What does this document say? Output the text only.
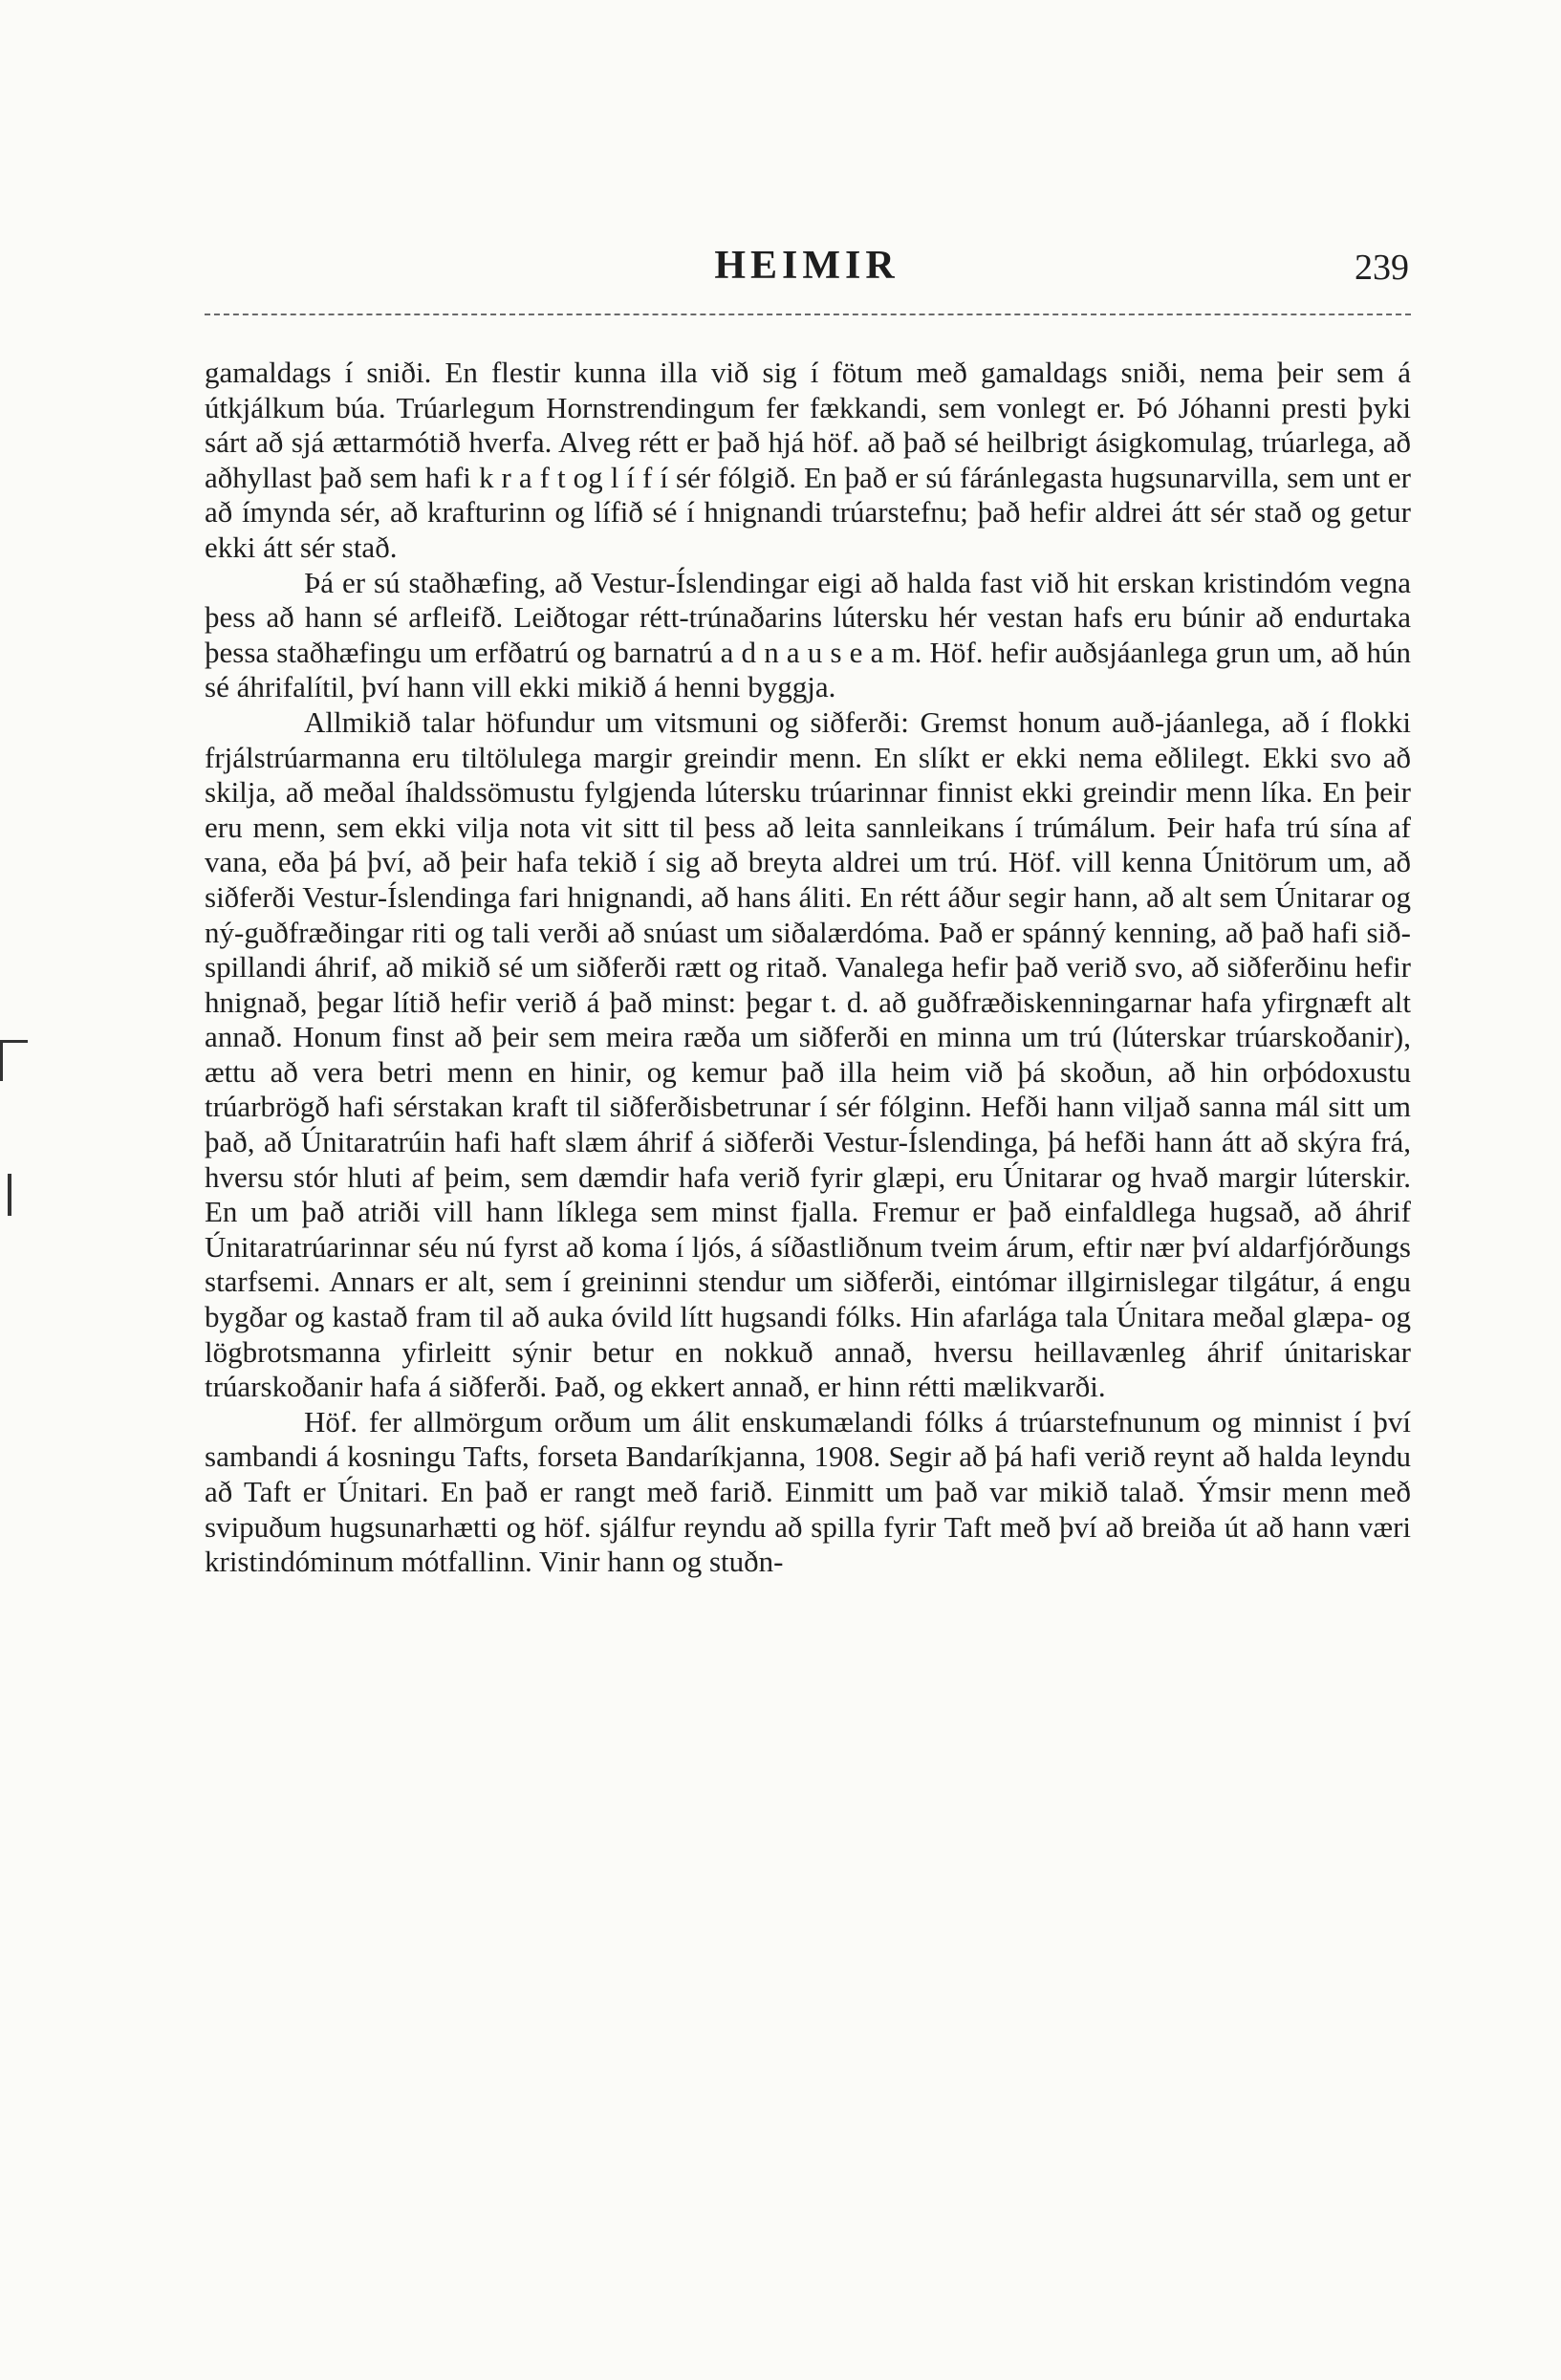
HEIMIR	239

gamaldags í sniði. En flestir kunna illa við sig í fötum með gamaldags sniði, nema þeir sem á útkjálkum búa. Trúarlegum Hornstrendingum fer fækkandi, sem vonlegt er. Þó Jóhanni presti þyki sárt að sjá ættarmótið hverfa. Alveg rétt er það hjá höf. að það sé heilbrigt ásigkomulag, trúarlega, að aðhyllast það sem hafi k r a f t og l í f í sér fólgið. En það er sú fáránlegasta hugsunarvilla, sem unt er að ímynda sér, að krafturinn og lífið sé í hnignandi trúarstefnu; það hefir aldrei átt sér stað og getur ekki átt sér stað.

Þá er sú staðhæfing, að Vestur-Íslendingar eigi að halda fast við hit erskan kristindóm vegna þess að hann sé arfleifð. Leiðtogar rétt-trúnaðarins lútersku hér vestan hafs eru búnir að endurtaka þessa staðhæfingu um erfðatrú og barnatrú a d n a u s e a m. Höf. hefir auðsjáanlega grun um, að hún sé áhrifalítil, því hann vill ekki mikið á henni byggja.

Allmikið talar höfundur um vitsmuni og siðferði: Gremst honum auð-jáanlega, að í flokki frjálstrúarmanna eru tiltölulega margir greindir menn. En slíkt er ekki nema eðlilegt. Ekki svo að skilja, að meðal íhaldssömustu fylgjenda lútersku trúarinnar finnist ekki greindir menn líka. En þeir eru menn, sem ekki vilja nota vit sitt til þess að leita sannleikans í trúmálum. Þeir hafa trú sína af vana, eða þá því, að þeir hafa tekið í sig að breyta aldrei um trú. Höf. vill kenna Únitörum um, að siðferði Vestur-Íslendinga fari hnignandi, að hans áliti. En rétt áður segir hann, að alt sem Únitarar og ný-guðfræðingar riti og tali verði að snúast um siðalærdóma. Það er spánný kenning, að það hafi sið-spillandi áhrif, að mikið sé um siðferði rætt og ritað. Vanalega hefir það verið svo, að siðferðinu hefir hnignað, þegar lítið hefir verið á það minst: þegar t. d. að guðfræðiskenningarnar hafa yfirgnæft alt annað. Honum finst að þeir sem meira ræða um siðferði en minna um trú (lúterskar trúarskoðanir), ættu að vera betri menn en hinir, og kemur það illa heim við þá skoðun, að hin orþódoxustu trúarbrögð hafi sérstakan kraft til siðferðisbetrunar í sér fólginn. Hefði hann viljað sanna mál sitt um það, að Únitaratrúin hafi haft slæm áhrif á siðferði Vestur-Íslendinga, þá hefði hann átt að skýra frá, hversu stór hluti af þeim, sem dæmdir hafa verið fyrir glæpi, eru Únitarar og hvað margir lúterskir. En um það atriði vill hann líklega sem minst fjalla. Fremur er það einfaldlega hugsað, að áhrif Únitaratrúarinnar séu nú fyrst að koma í ljós, á síðastliðnum tveim árum, eftir nær því aldarfjórðungs starfsemi. Annars er alt, sem í greininni stendur um siðferði, eintómar illgirnislegar tilgátur, á engu bygðar og kastað fram til að auka óvild lítt hugsandi fólks. Hin afarlága tala Únitara meðal glæpa- og lögbrotsmanna yfirleitt sýnir betur en nokkuð annað, hversu heillavænleg áhrif únitariskar trúarskoðanir hafa á siðferði. Það, og ekkert annað, er hinn rétti mælikvarði.

Höf. fer allmörgum orðum um álit enskumælandi fólks á trúarstefnunum og minnist í því sambandi á kosningu Tafts, forseta Bandaríkjanna, 1908. Segir að þá hafi verið reynt að halda leyndu að Taft er Únitari. En það er rangt með farið. Einmitt um það var mikið talað. Ýmsir menn með svipuðum hugsunarhætti og höf. sjálfur reyndu að spilla fyrir Taft með því að breiða út að hann væri kristindóminum mótfallinn. Vinir hann og stuðn-
